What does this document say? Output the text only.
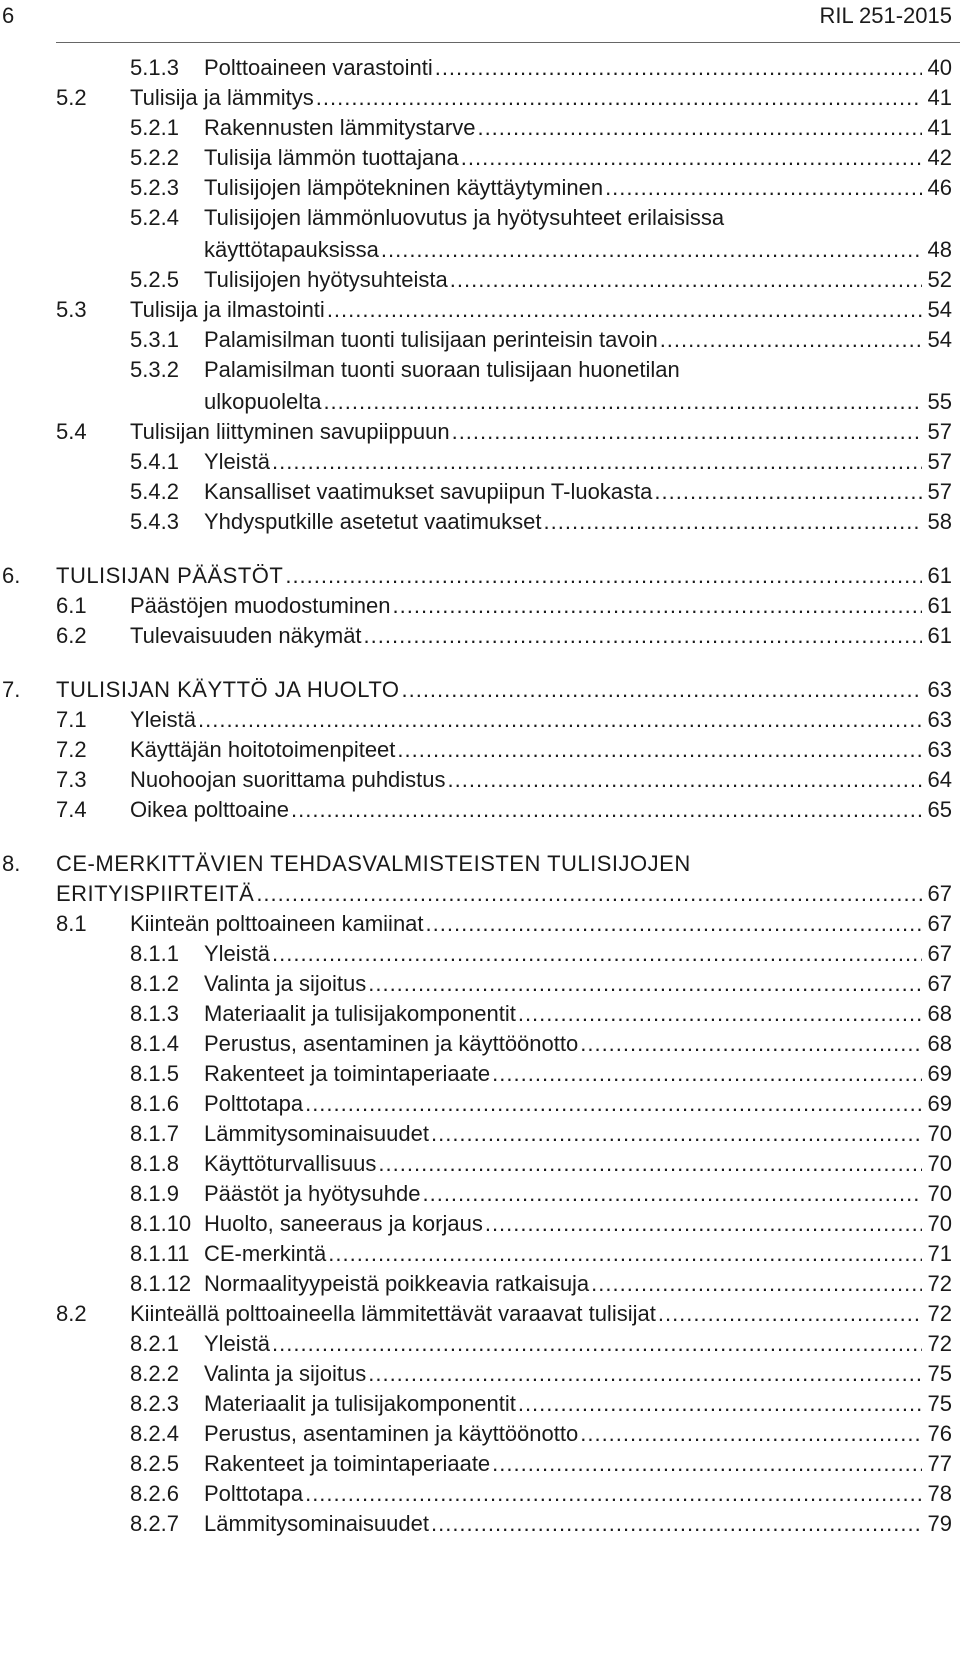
6	RIL 251-2015
5.1.3 Polttoaineen varastointi .....	40
5.2 Tulisija ja lämmitys .....	41
5.2.1 Rakennusten lämmitystarve .....	41
5.2.2 Tulisija lämmön tuottajana .....	42
5.2.3 Tulisijojen lämpötekninen käyttäytyminen .....	46
5.2.4 Tulisijojen lämmönluovutus ja hyötysuhteet erilaisissa
käyttötapauksissa .....	48
5.2.5 Tulisijojen hyötysuhteista .....	52
5.3 Tulisija ja ilmastointi .....	54
5.3.1 Palamisilman tuonti tulisijaan perinteisin tavoin .....	54
5.3.2 Palamisilman tuonti suoraan tulisijaan huonetilan
ulkopuolelta .....	55
5.4 Tulisijan liittyminen savupiippuun .....	57
5.4.1 Yleistä .....	57
5.4.2 Kansalliset vaatimukset savupiipun T-luokasta .....	57
5.4.3 Yhdysputkille asetetut vaatimukset .....	58
6. TULISIJAN PÄÄSTÖT .....	61
6.1 Päästöjen muodostuminen .....	61
6.2 Tulevaisuuden näkymät .....	61
7. TULISIJAN KÄYTTÖ JA HUOLTO .....	63
7.1 Yleistä .....	63
7.2 Käyttäjän hoitotoimenpiteet .....	63
7.3 Nuohoojan suorittama puhdistus .....	64
7.4 Oikea polttoaine .....	65
8. CE-MERKITTÄVIEN TEHDASVALMISTEISTEN TULISIJOJEN
ERITYISPIIRTEITÄ .....	67
8.1 Kiinteän polttoaineen kamiinat .....	67
8.1.1 Yleistä .....	67
8.1.2 Valinta ja sijoitus .....	67
8.1.3 Materiaalit ja tulisijakomponentit .....	68
8.1.4 Perustus, asentaminen ja käyttöönotto .....	68
8.1.5 Rakenteet ja toimintaperiaate .....	69
8.1.6 Polttotapa .....	69
8.1.7 Lämmitysominaisuudet .....	70
8.1.8 Käyttöturvallisuus .....	70
8.1.9 Päästöt ja hyötysuhde .....	70
8.1.10 Huolto, saneeraus ja korjaus .....	70
8.1.11 CE-merkintä .....	71
8.1.12 Normaalityypeistä poikkeavia ratkaisuja .....	72
8.2 Kiinteällä polttoaineella lämmitettävät varaavat tulisijat .....	72
8.2.1 Yleistä .....	72
8.2.2 Valinta ja sijoitus .....	75
8.2.3 Materiaalit ja tulisijakomponentit .....	75
8.2.4 Perustus, asentaminen ja käyttöönotto .....	76
8.2.5 Rakenteet ja toimintaperiaate .....	77
8.2.6 Polttotapa .....	78
8.2.7 Lämmitysominaisuudet .....	79
